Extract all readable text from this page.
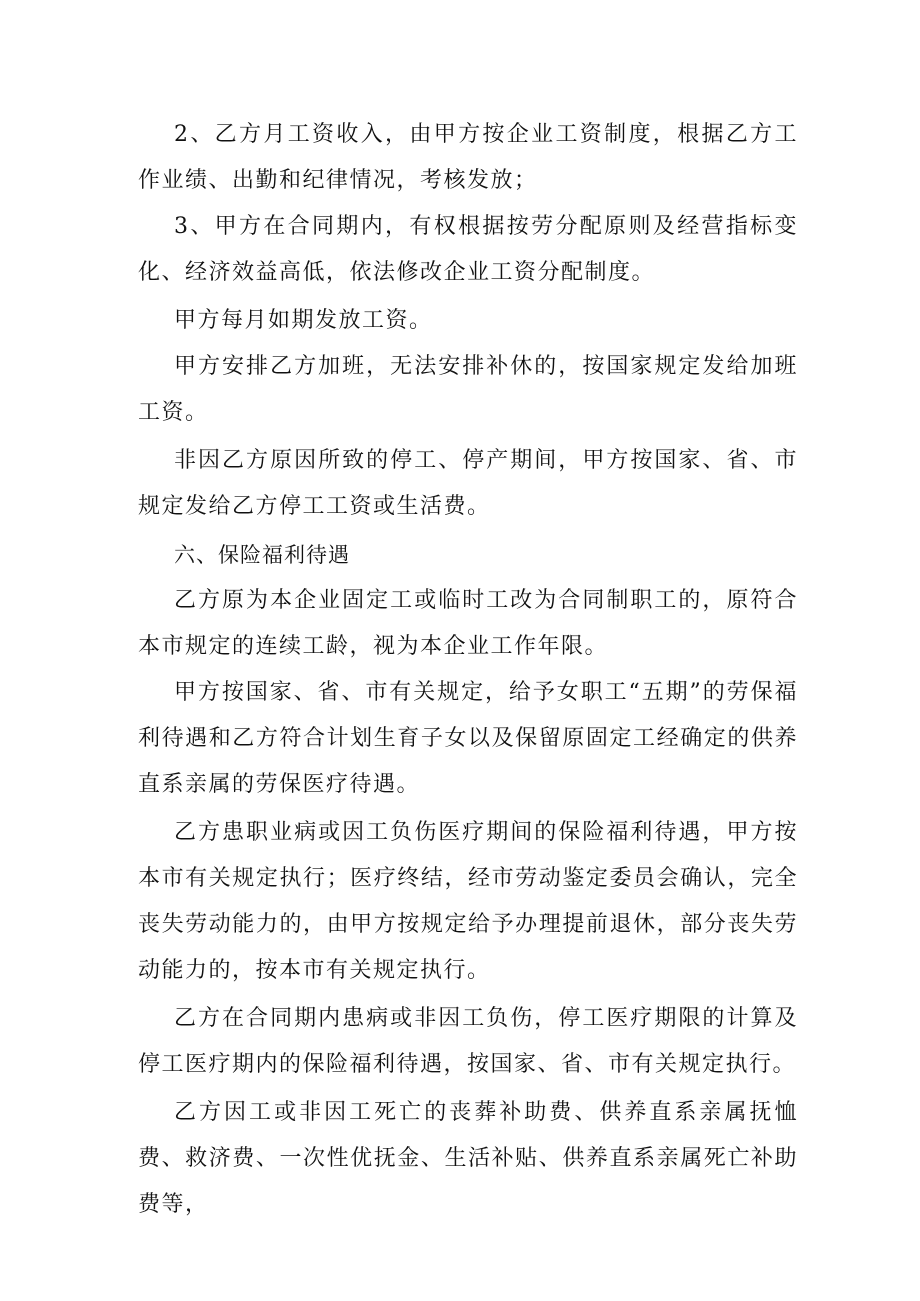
2、乙方月工资收入，由甲方按企业工资制度，根据乙方工作业绩、出勤和纪律情况，考核发放；

3、甲方在合同期内，有权根据按劳分配原则及经营指标变化、经济效益高低，依法修改企业工资分配制度。

甲方每月如期发放工资。

甲方安排乙方加班，无法安排补休的，按国家规定发给加班工资。

非因乙方原因所致的停工、停产期间，甲方按国家、省、市规定发给乙方停工工资或生活费。

六、保险福利待遇

乙方原为本企业固定工或临时工改为合同制职工的，原符合本市规定的连续工龄，视为本企业工作年限。

甲方按国家、省、市有关规定，给予女职工“五期”的劳保福利待遇和乙方符合计划生育子女以及保留原固定工经确定的供养直系亲属的劳保医疗待遇。

乙方患职业病或因工负伤医疗期间的保险福利待遇，甲方按本市有关规定执行；医疗终结，经市劳动鉴定委员会确认，完全丧失劳动能力的，由甲方按规定给予办理提前退休，部分丧失劳动能力的，按本市有关规定执行。

乙方在合同期内患病或非因工负伤，停工医疗期限的计算及停工医疗期内的保险福利待遇，按国家、省、市有关规定执行。

乙方因工或非因工死亡的丧葬补助费、供养直系亲属抚恤费、救济费、一次性优抚金、生活补贴、供养直系亲属死亡补助费等，
